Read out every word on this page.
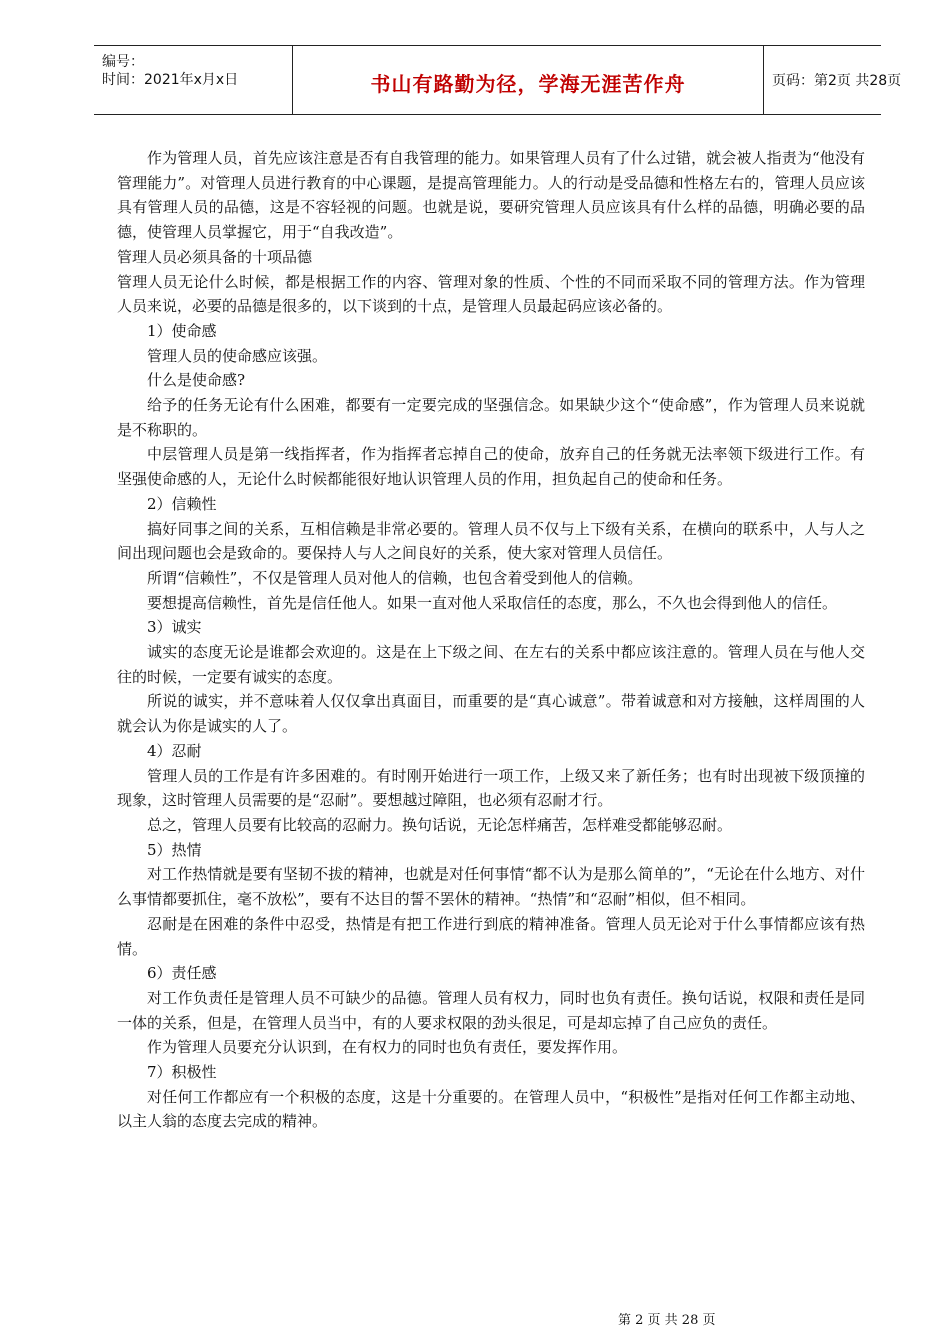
编号：
时间：2021年x月x日	书山有路勤为径，学海无涯苦作舟	页码：第2页 共28页

作为管理人员，首先应该注意是否有自我管理的能力。如果管理人员有了什么过错，就会被人指责为“他没有管理能力”。对管理人员进行教育的中心课题，是提高管理能力。人的行动是受品德和性格左右的，管理人员应该具有管理人员的品德，这是不容轻视的问题。也就是说，要研究管理人员应该具有什么样的品德，明确必要的品德，使管理人员掌握它，用于“自我改造”。

管理人员必须具备的十项品德

管理人员无论什么时候，都是根据工作的内容、管理对象的性质、个性的不同而采取不同的管理方法。作为管理人员来说，必要的品德是很多的，以下谈到的十点，是管理人员最起码应该必备的。

1）使命感

管理人员的使命感应该强。

什么是使命感?

给予的任务无论有什么困难，都要有一定要完成的坚强信念。如果缺少这个“使命感”，作为管理人员来说就是不称职的。

中层管理人员是第一线指挥者，作为指挥者忘掉自己的使命，放弃自己的任务就无法率领下级进行工作。有坚强使命感的人，无论什么时候都能很好地认识管理人员的作用，担负起自己的使命和任务。

2）信赖性

搞好同事之间的关系，互相信赖是非常必要的。管理人员不仅与上下级有关系，在横向的联系中，人与人之间出现问题也会是致命的。要保持人与人之间良好的关系，使大家对管理人员信任。

所谓“信赖性”，不仅是管理人员对他人的信赖，也包含着受到他人的信赖。

要想提高信赖性，首先是信任他人。如果一直对他人采取信任的态度，那么，不久也会得到他人的信任。

3）诚实

诚实的态度无论是谁都会欢迎的。这是在上下级之间、在左右的关系中都应该注意的。管理人员在与他人交往的时候，一定要有诚实的态度。

所说的诚实，并不意味着人仅仅拿出真面目，而重要的是“真心诚意”。带着诚意和对方接触，这样周围的人就会认为你是诚实的人了。

4）忍耐

管理人员的工作是有许多困难的。有时刚开始进行一项工作，上级又来了新任务；也有时出现被下级顶撞的现象，这时管理人员需要的是“忍耐”。要想越过障阻，也必须有忍耐才行。

总之，管理人员要有比较高的忍耐力。换句话说，无论怎样痛苦，怎样难受都能够忍耐。

5）热情

对工作热情就是要有坚韧不拔的精神，也就是对任何事情“都不认为是那么简单的”，“无论在什么地方、对什么事情都要抓住，毫不放松”，要有不达目的誓不罢休的精神。“热情”和“忍耐”相似，但不相同。

忍耐是在困难的条件中忍受，热情是有把工作进行到底的精神准备。管理人员无论对于什么事情都应该有热情。

6）责任感

对工作负责任是管理人员不可缺少的品德。管理人员有权力，同时也负有责任。换句话说，权限和责任是同一体的关系，但是，在管理人员当中，有的人要求权限的劲头很足，可是却忘掉了自己应负的责任。

作为管理人员要充分认识到，在有权力的同时也负有责任，要发挥作用。

7）积极性

对任何工作都应有一个积极的态度，这是十分重要的。在管理人员中，“积极性”是指对任何工作都主动地、以主人翁的态度去完成的精神。

第 2 页 共 28 页
